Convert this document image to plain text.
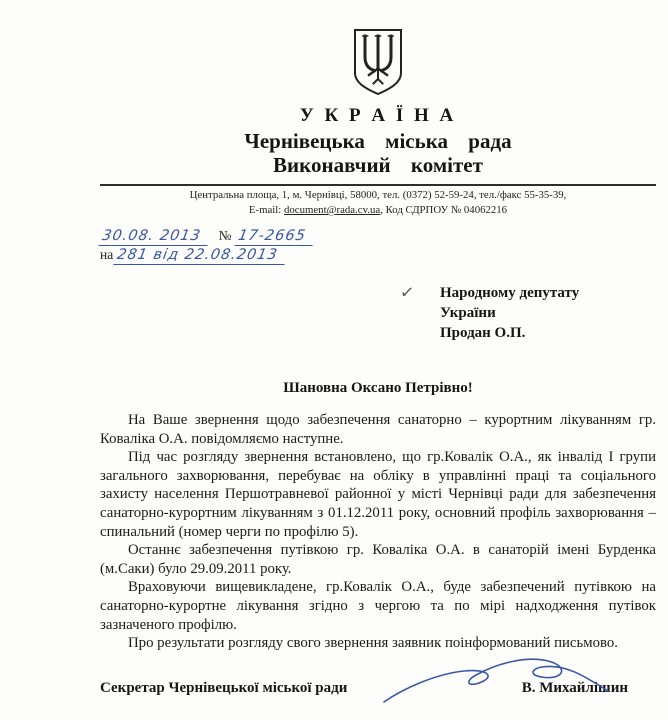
У К Р А Ї Н А
Чернівецька міська рада
Виконавчий комітет
Центральна площа, 1, м. Чернівці, 58000, тел. (0372) 52-59-24, тел./факс 55-35-39,
E-mail: document@rada.cv.ua, Код СДРПОУ № 04062216
30.08. 2013 № 17-2665
на 281 від 22.08.2013
✓ Народному депутату
України
Продан О.П.
Шановна Оксано Петрівно!

На Ваше звернення щодо забезпечення санаторно – курортним лікуванням гр. Коваліка О.А. повідомляємо наступне.

Під час розгляду звернення встановлено, що гр.Ковалік О.А., як інвалід І групи загального захворювання, перебуває на обліку в управлінні праці та соціального захисту населення Першотравневої районної у місті Чернівці ради для забезпечення санаторно-курортним лікуванням з 01.12.2011 року, основний профіль захворювання – спинальний (номер черги по профілю 5).

Останнє забезпечення путівкою гр. Коваліка О.А. в санаторій імені Бурденка (м.Саки) було 29.09.2011 року.

Враховуючи вищевикладене, гр.Ковалік О.А., буде забезпечений путівкою на санаторно-курортне лікування згідно з чергою та по мірі надходження путівок зазначеного профілю.

Про результати розгляду свого звернення заявник поінформований письмово.

Секретар Чернівецької міської ради	В. Михайлішин
